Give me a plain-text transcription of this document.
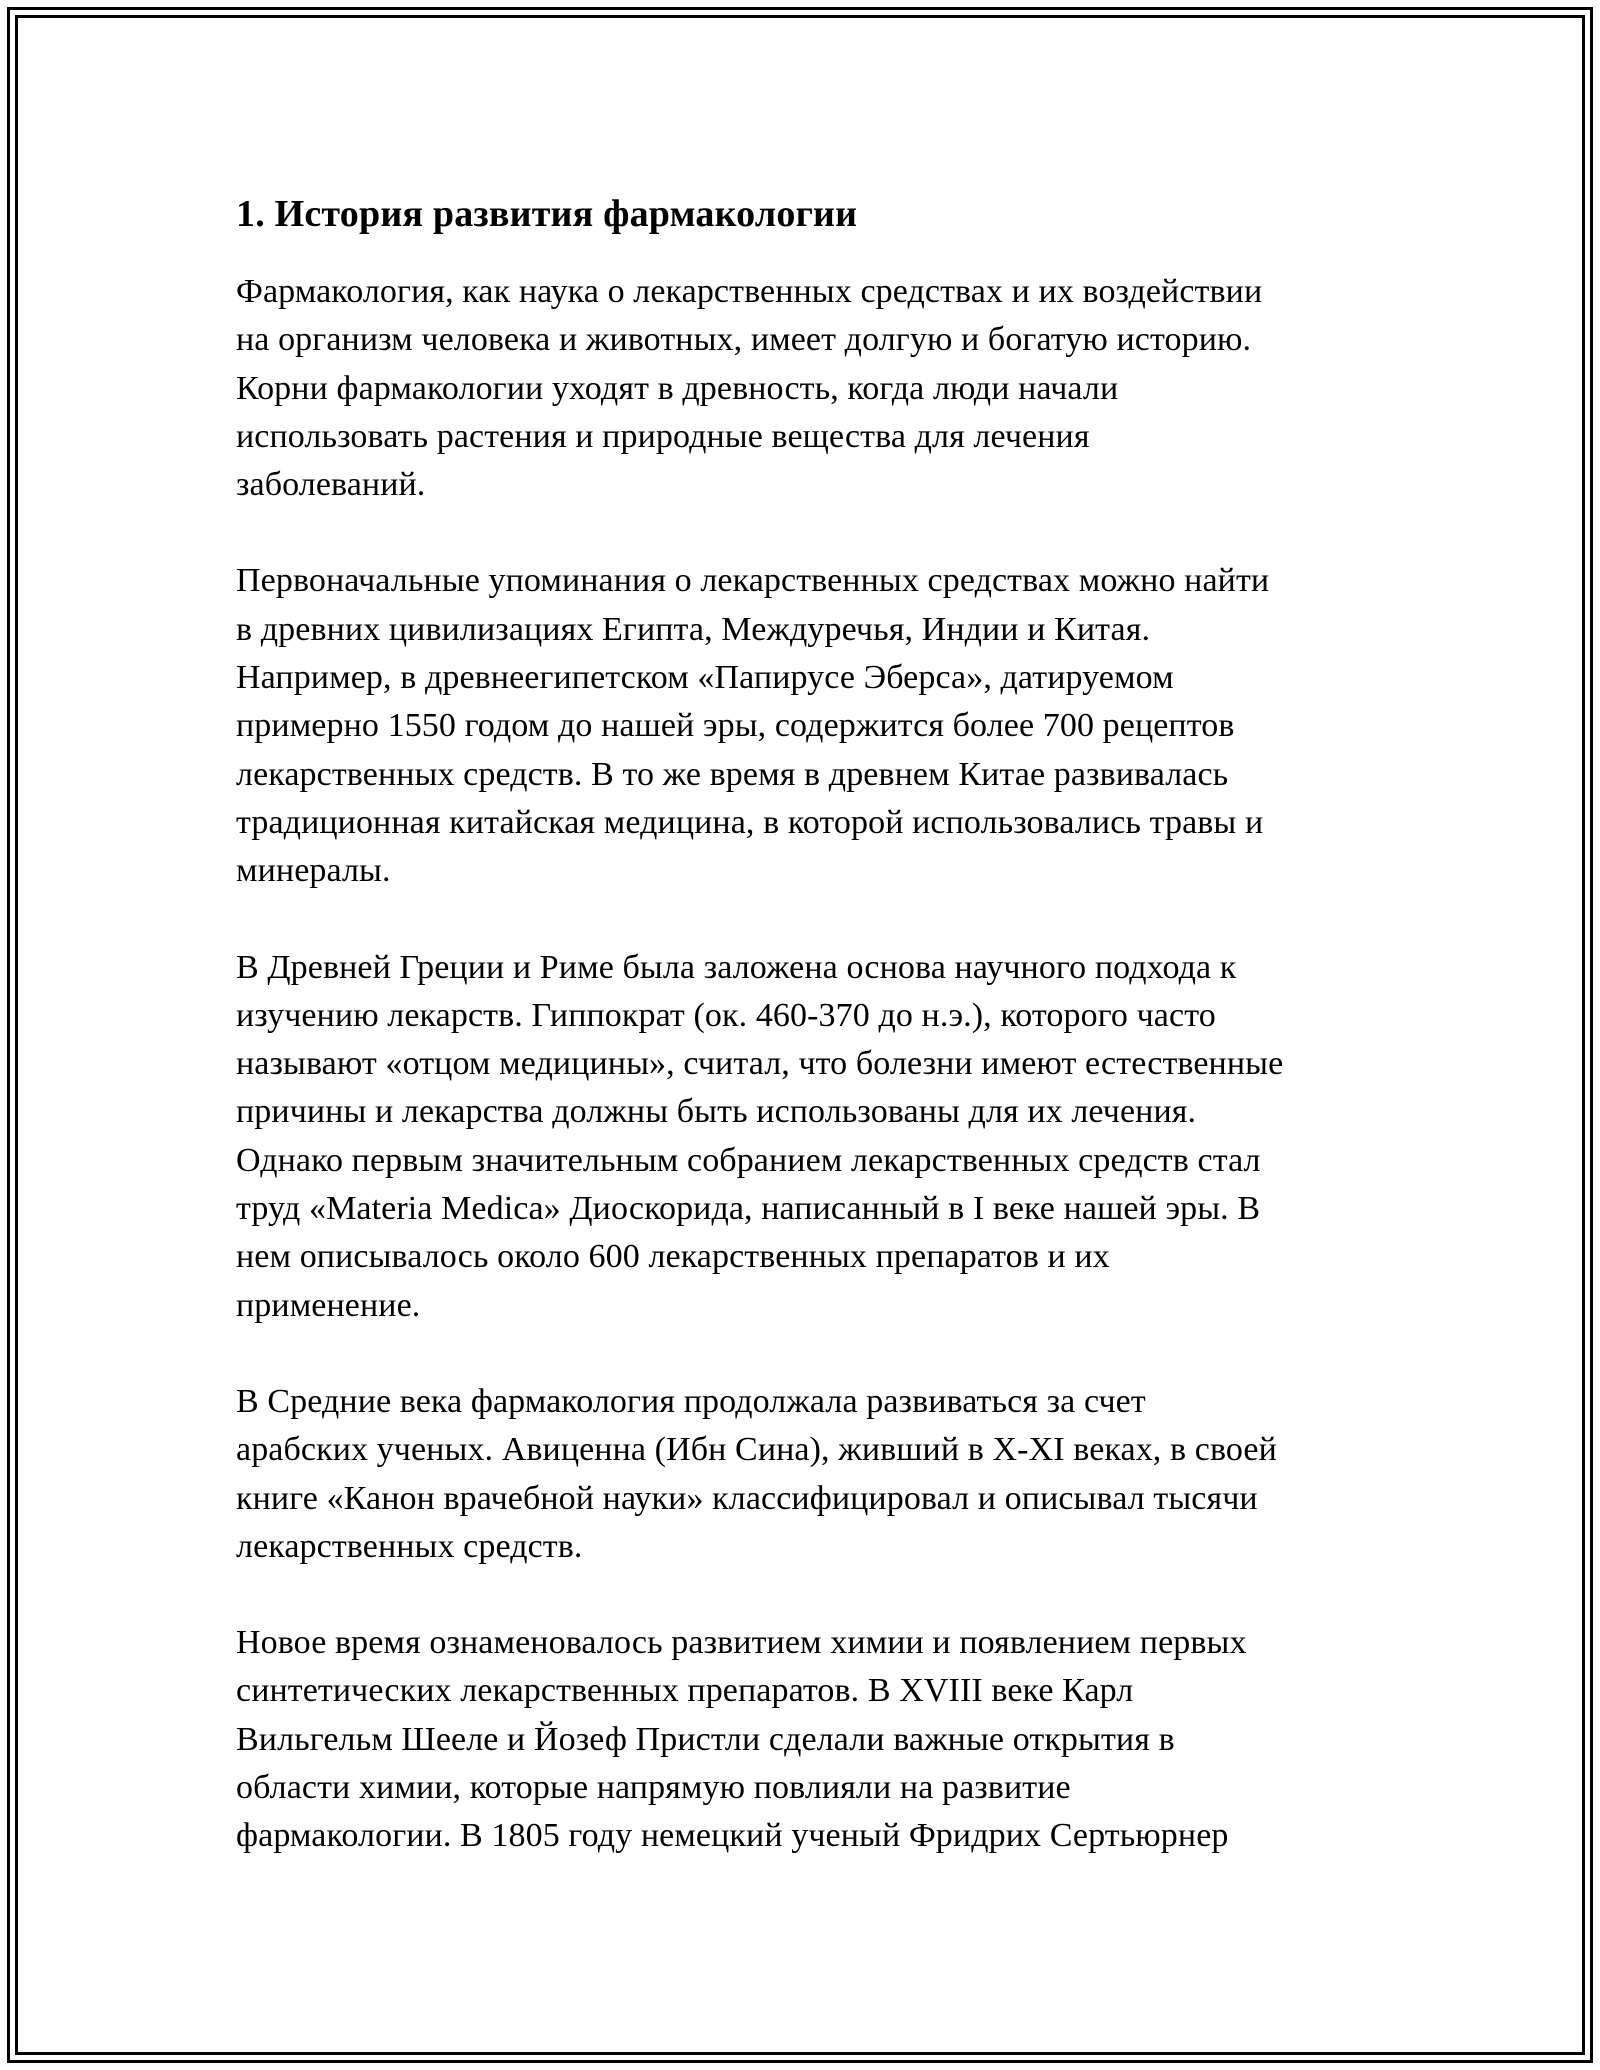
1. История развития фармакологии

Фармакология, как наука о лекарственных средствах и их воздействии
на организм человека и животных, имеет долгую и богатую историю.
Корни фармакологии уходят в древность, когда люди начали
использовать растения и природные вещества для лечения
заболеваний.

Первоначальные упоминания о лекарственных средствах можно найти
в древних цивилизациях Египта, Междуречья, Индии и Китая.
Например, в древнеегипетском «Папирусе Эберса», датируемом
примерно 1550 годом до нашей эры, содержится более 700 рецептов
лекарственных средств. В то же время в древнем Китае развивалась
традиционная китайская медицина, в которой использовались травы и
минералы.

В Древней Греции и Риме была заложена основа научного подхода к
изучению лекарств. Гиппократ (ок. 460-370 до н.э.), которого часто
называют «отцом медицины», считал, что болезни имеют естественные
причины и лекарства должны быть использованы для их лечения.
Однако первым значительным собранием лекарственных средств стал
труд «Materia Medica» Диоскорида, написанный в I веке нашей эры. В
нем описывалось около 600 лекарственных препаратов и их
применение.

В Средние века фармакология продолжала развиваться за счет
арабских ученых. Авиценна (Ибн Сина), живший в X-XI веках, в своей
книге «Канон врачебной науки» классифицировал и описывал тысячи
лекарственных средств.

Новое время ознаменовалось развитием химии и появлением первых
синтетических лекарственных препаратов. В XVIII веке Карл
Вильгельм Шееле и Йозеф Пристли сделали важные открытия в
области химии, которые напрямую повлияли на развитие
фармакологии. В 1805 году немецкий ученый Фридрих Сертьюрнер
